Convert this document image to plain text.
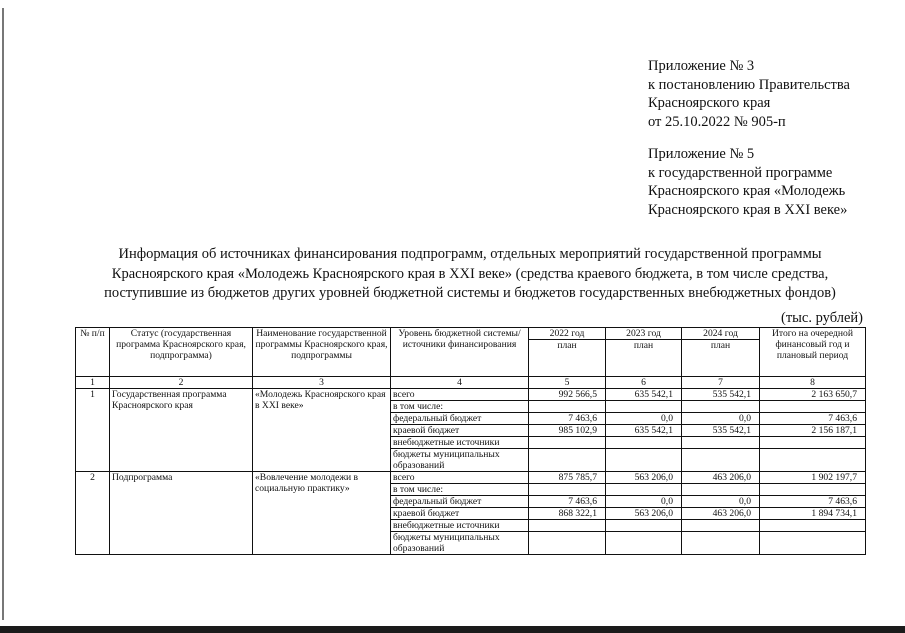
Приложение № 3
к постановлению Правительства
Красноярского края
от 25.10.2022 № 905-п
Приложение № 5
к государственной программе
Красноярского края «Молодежь
Красноярского края в XXI веке»
Информация об источниках финансирования подпрограмм, отдельных мероприятий государственной программы
Красноярского края «Молодежь Красноярского края в XXI веке» (средства краевого бюджета, в том числе средства,
поступившие из бюджетов других уровней бюджетной системы и бюджетов государственных внебюджетных фондов)
(тыс. рублей)
№ п/п	Статус (государственная программа Красноярского края, подпрограмма)	Наименование государственной программы Красноярского края, подпрограммы	Уровень бюджетной системы/источники финансирования	2022 год	2023 год	2024 год	Итого на очередной финансовый год и плановый период
				план	план	план	
1	2	3	4	5	6	7	8
1	Государственная программа Красноярского края	«Молодежь Красноярского края в XXI веке»	всего	992 566,5	635 542,1	535 542,1	2 163 650,7
			в том числе:				
			федеральный бюджет	7 463,6	0,0	0,0	7 463,6
			краевой бюджет	985 102,9	635 542,1	535 542,1	2 156 187,1
			внебюджетные источники				
			бюджеты муниципальных образований				
2	Подпрограмма	«Вовлечение молодежи в социальную практику»	всего	875 785,7	563 206,0	463 206,0	1 902 197,7
			в том числе:				
			федеральный бюджет	7 463,6	0,0	0,0	7 463,6
			краевой бюджет	868 322,1	563 206,0	463 206,0	1 894 734,1
			внебюджетные источники				
			бюджеты муниципальных образований				
